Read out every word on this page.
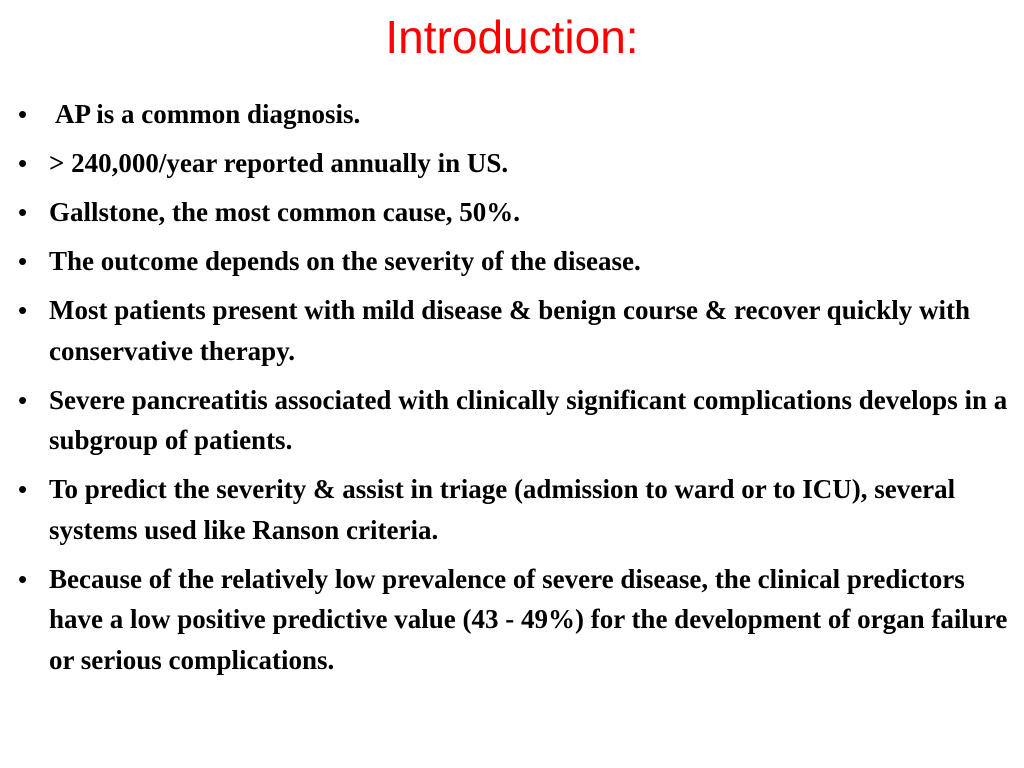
Introduction:
• AP is a common diagnosis.
• > 240,000/year reported annually in US.
• Gallstone, the most common cause, 50%.
• The outcome depends on the severity of the disease.
• Most patients present with mild disease & benign course & recover quickly with conservative therapy.
• Severe pancreatitis associated with clinically significant complications develops in a subgroup of patients.
• To predict the severity & assist in triage (admission to ward or to ICU), several systems used like Ranson criteria.
• Because of the relatively low prevalence of severe disease, the clinical predictors have a low positive predictive value (43 - 49%) for the development of organ failure or serious complications.
